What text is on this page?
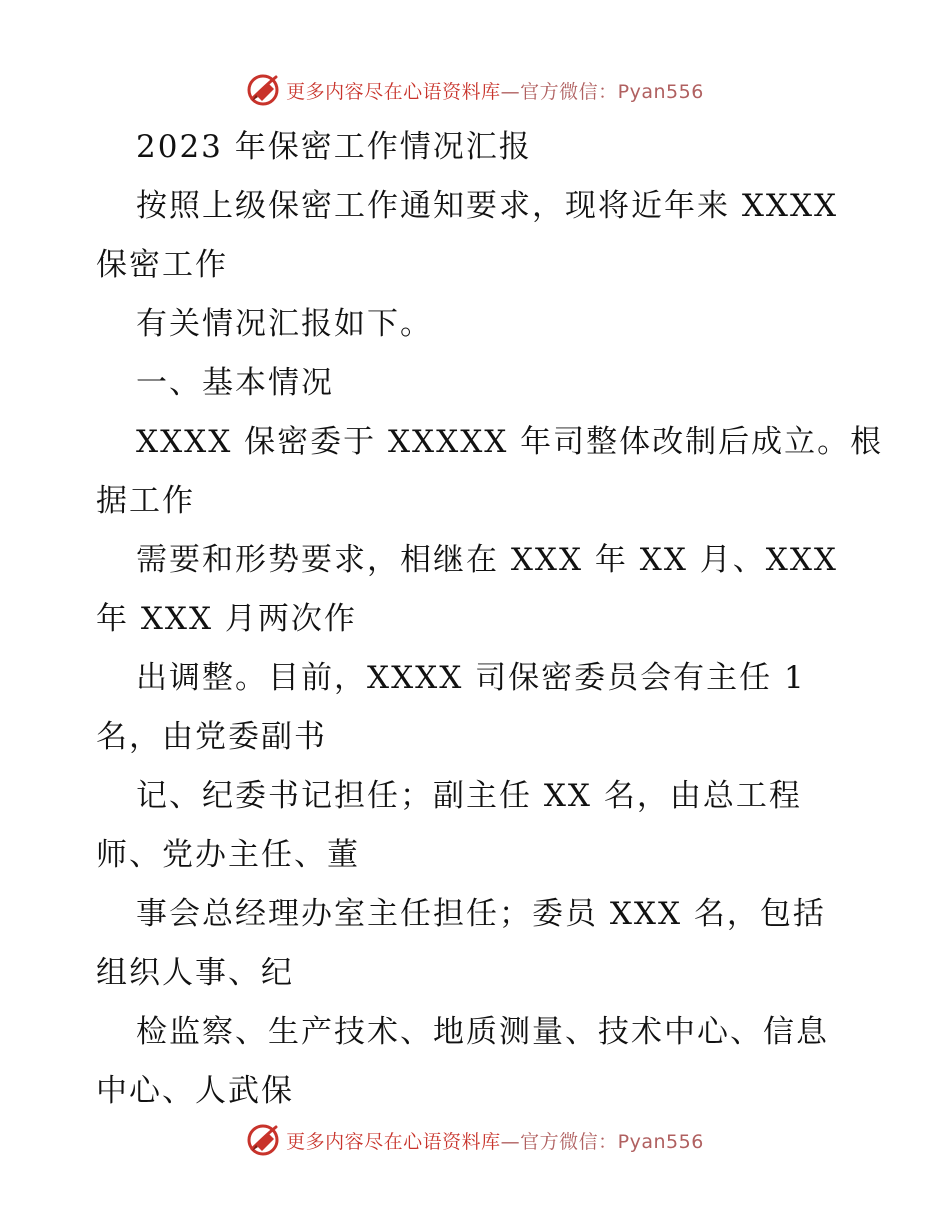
更多内容尽在心语资料库—官方微信：Pyan556
2023 年保密工作情况汇报
按照上级保密工作通知要求，现将近年来 XXXX
保密工作
有关情况汇报如下。
一、基本情况
XXXX 保密委于 XXXXX 年司整体改制后成立。根
据工作
需要和形势要求，相继在 XXX 年 XX 月、XXX
年 XXX 月两次作
出调整。目前，XXXX 司保密委员会有主任 1
名，由党委副书
记、纪委书记担任；副主任 XX 名，由总工程
师、党办主任、董
事会总经理办室主任担任；委员 XXX 名，包括
组织人事、纪
检监察、生产技术、地质测量、技术中心、信息
中心、人武保
更多内容尽在心语资料库—官方微信：Pyan556
